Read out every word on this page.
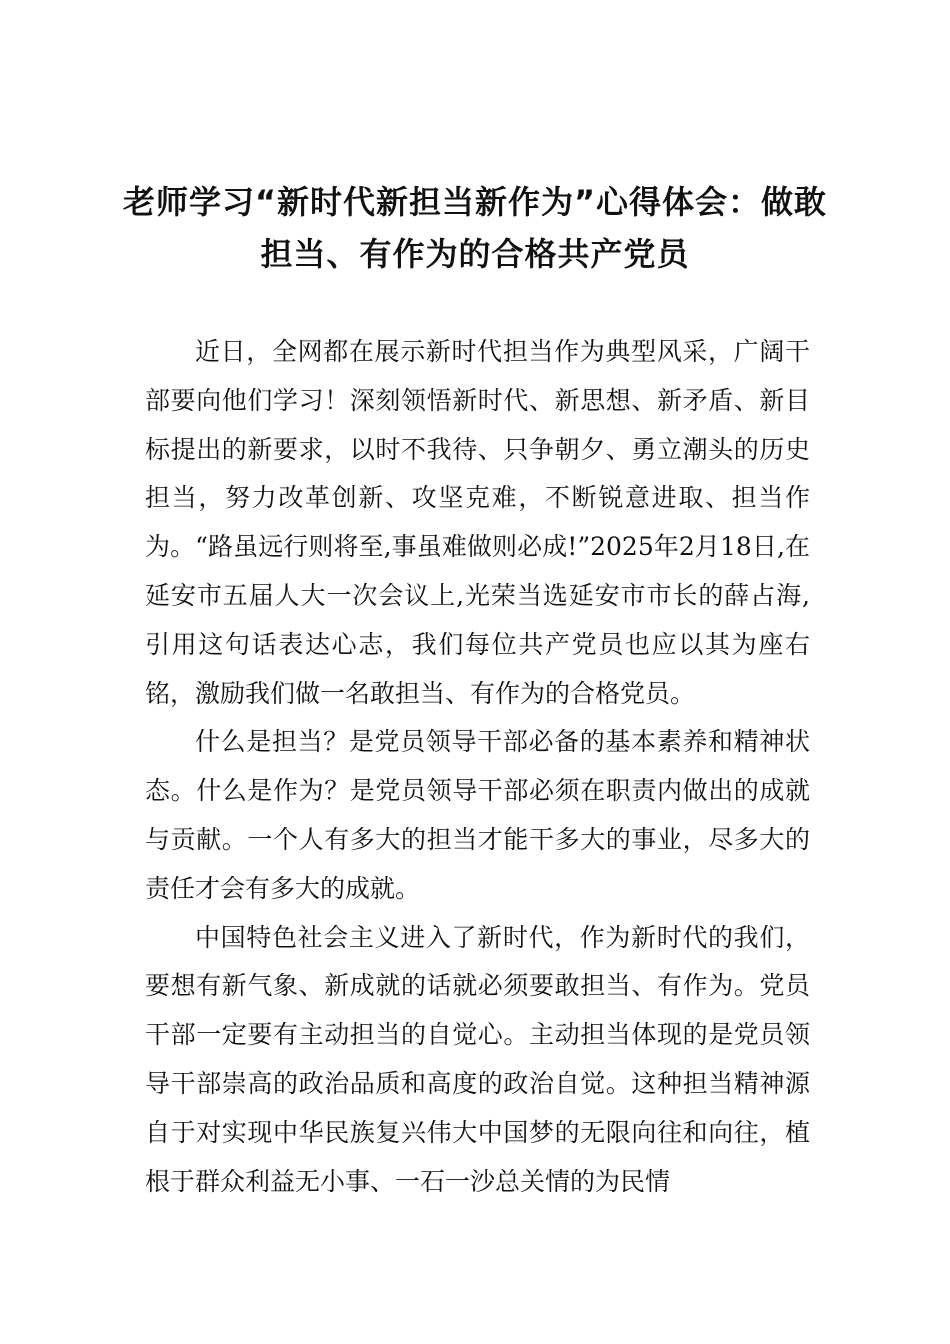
老师学习“新时代新担当新作为”心得体会：做敢担当、有作为的合格共产党员

近日，全网都在展示新时代担当作为典型风采，广阔干部要向他们学习！深刻领悟新时代、新思想、新矛盾、新目标提出的新要求，以时不我待、只争朝夕、勇立潮头的历史担当，努力改革创新、攻坚克难，不断锐意进取、担当作为。“路虽远行则将至,事虽难做则必成!”2025年2月18日,在延安市五届人大一次会议上,光荣当选延安市市长的薛占海,引用这句话表达心志，我们每位共产党员也应以其为座右铭，激励我们做一名敢担当、有作为的合格党员。

什么是担当？是党员领导干部必备的基本素养和精神状态。什么是作为？是党员领导干部必须在职责内做出的成就与贡献。一个人有多大的担当才能干多大的事业，尽多大的责任才会有多大的成就。

中国特色社会主义进入了新时代，作为新时代的我们，要想有新气象、新成就的话就必须要敢担当、有作为。党员干部一定要有主动担当的自觉心。主动担当体现的是党员领导干部崇高的政治品质和高度的政治自觉。这种担当精神源自于对实现中华民族复兴伟大中国梦的无限向往和向往，植根于群众利益无小事、一石一沙总关情的为民情
